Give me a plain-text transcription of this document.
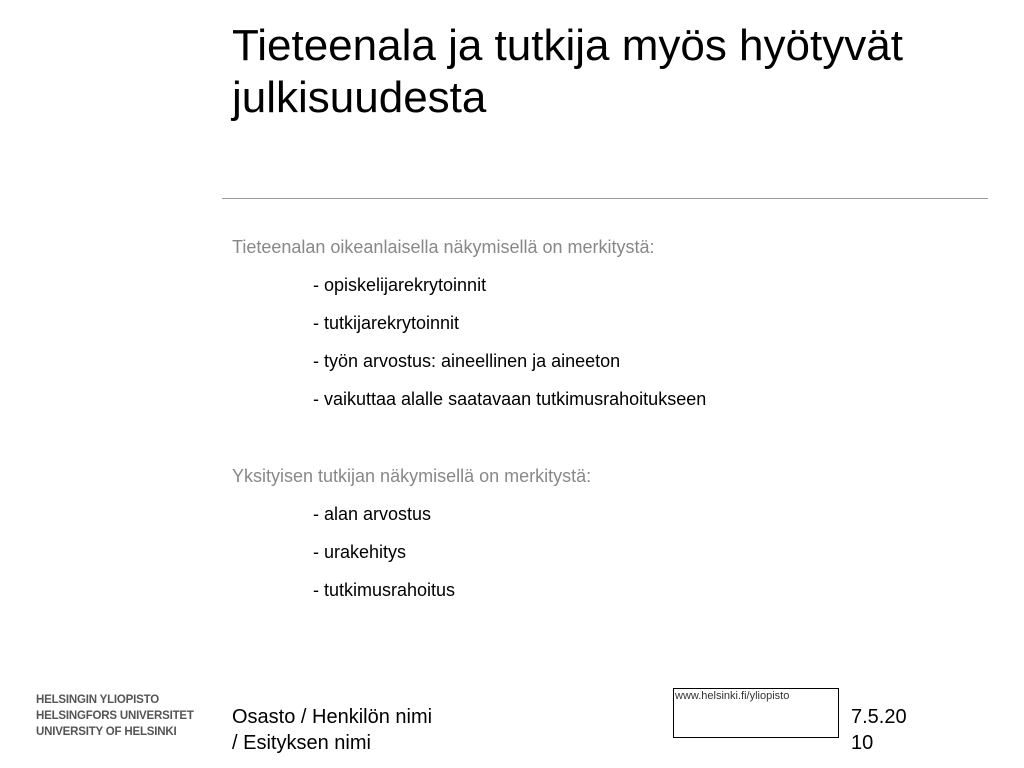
Tieteenala ja tutkija myös hyötyvät
julkisuudesta

Tieteenalan oikeanlaisella näkymisellä on merkitystä:

- opiskelijarekrytoinnit

- tutkijarekrytoinnit

- työn arvostus: aineellinen ja aineeton

- vaikuttaa alalle saatavaan tutkimusrahoitukseen

Yksityisen tutkijan näkymisellä on merkitystä:

- alan arvostus

- urakehitys

- tutkimusrahoitus

HELSINGIN YLIOPISTO
HELSINGFORS UNIVERSITET
UNIVERSITY OF HELSINKI
Osasto / Henkilön nimi
/ Esityksen nimi
www.helsinki.fi/yliopisto
7.5.20
10
